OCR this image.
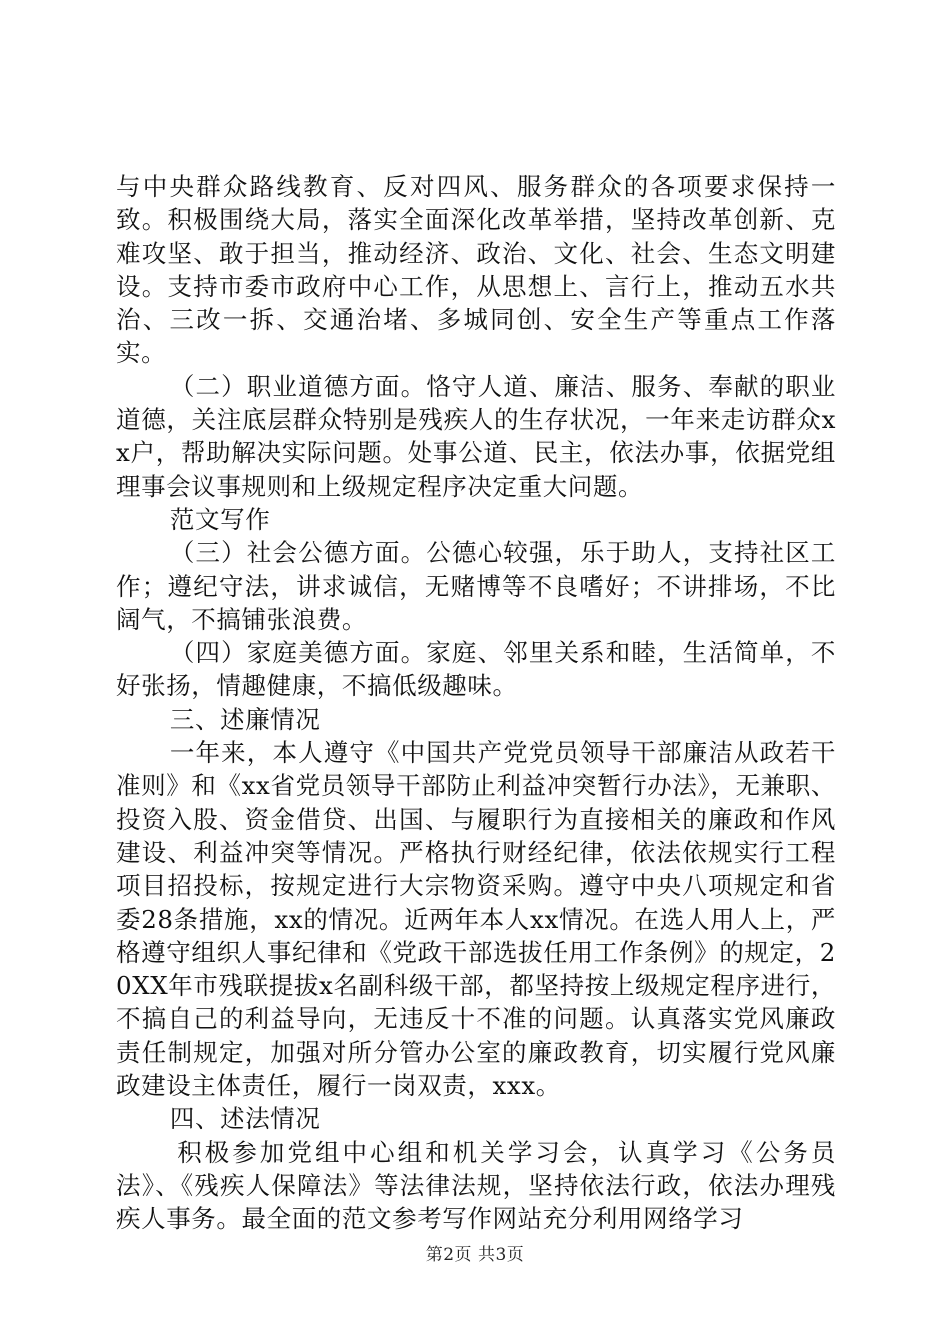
与中央群众路线教育、反对四风、服务群众的各项要求保持一致。积极围绕大局，落实全面深化改革举措，坚持改革创新、克难攻坚、敢于担当，推动经济、政治、文化、社会、生态文明建设。支持市委市政府中心工作，从思想上、言行上，推动五水共治、三改一拆、交通治堵、多城同创、安全生产等重点工作落实。

（二）职业道德方面。恪守人道、廉洁、服务、奉献的职业道德，关注底层群众特别是残疾人的生存状况，一年来走访群众xx户，帮助解决实际问题。处事公道、民主，依法办事，依据党组理事会议事规则和上级规定程序决定重大问题。

范文写作

（三）社会公德方面。公德心较强，乐于助人，支持社区工作；遵纪守法，讲求诚信，无赌博等不良嗜好；不讲排场，不比阔气，不搞铺张浪费。

（四）家庭美德方面。家庭、邻里关系和睦，生活简单，不好张扬，情趣健康，不搞低级趣味。

三、述廉情况

一年来，本人遵守《中国共产党党员领导干部廉洁从政若干准则》和《xx省党员领导干部防止利益冲突暂行办法》，无兼职、投资入股、资金借贷、出国、与履职行为直接相关的廉政和作风建设、利益冲突等情况。严格执行财经纪律，依法依规实行工程项目招投标，按规定进行大宗物资采购。遵守中央八项规定和省委28条措施，xx的情况。近两年本人xx情况。在选人用人上，严格遵守组织人事纪律和《党政干部选拔任用工作条例》的规定，20XX年市残联提拔x名副科级干部，都坚持按上级规定程序进行，不搞自己的利益导向，无违反十不准的问题。认真落实党风廉政责任制规定，加强对所分管办公室的廉政教育，切实履行党风廉政建设主体责任，履行一岗双责，xxx。

四、述法情况

积极参加党组中心组和机关学习会，认真学习《公务员法》、《残疾人保障法》等法律法规，坚持依法行政，依法办理残疾人事务。最全面的范文参考写作网站充分利用网络学习

第2页 共3页
